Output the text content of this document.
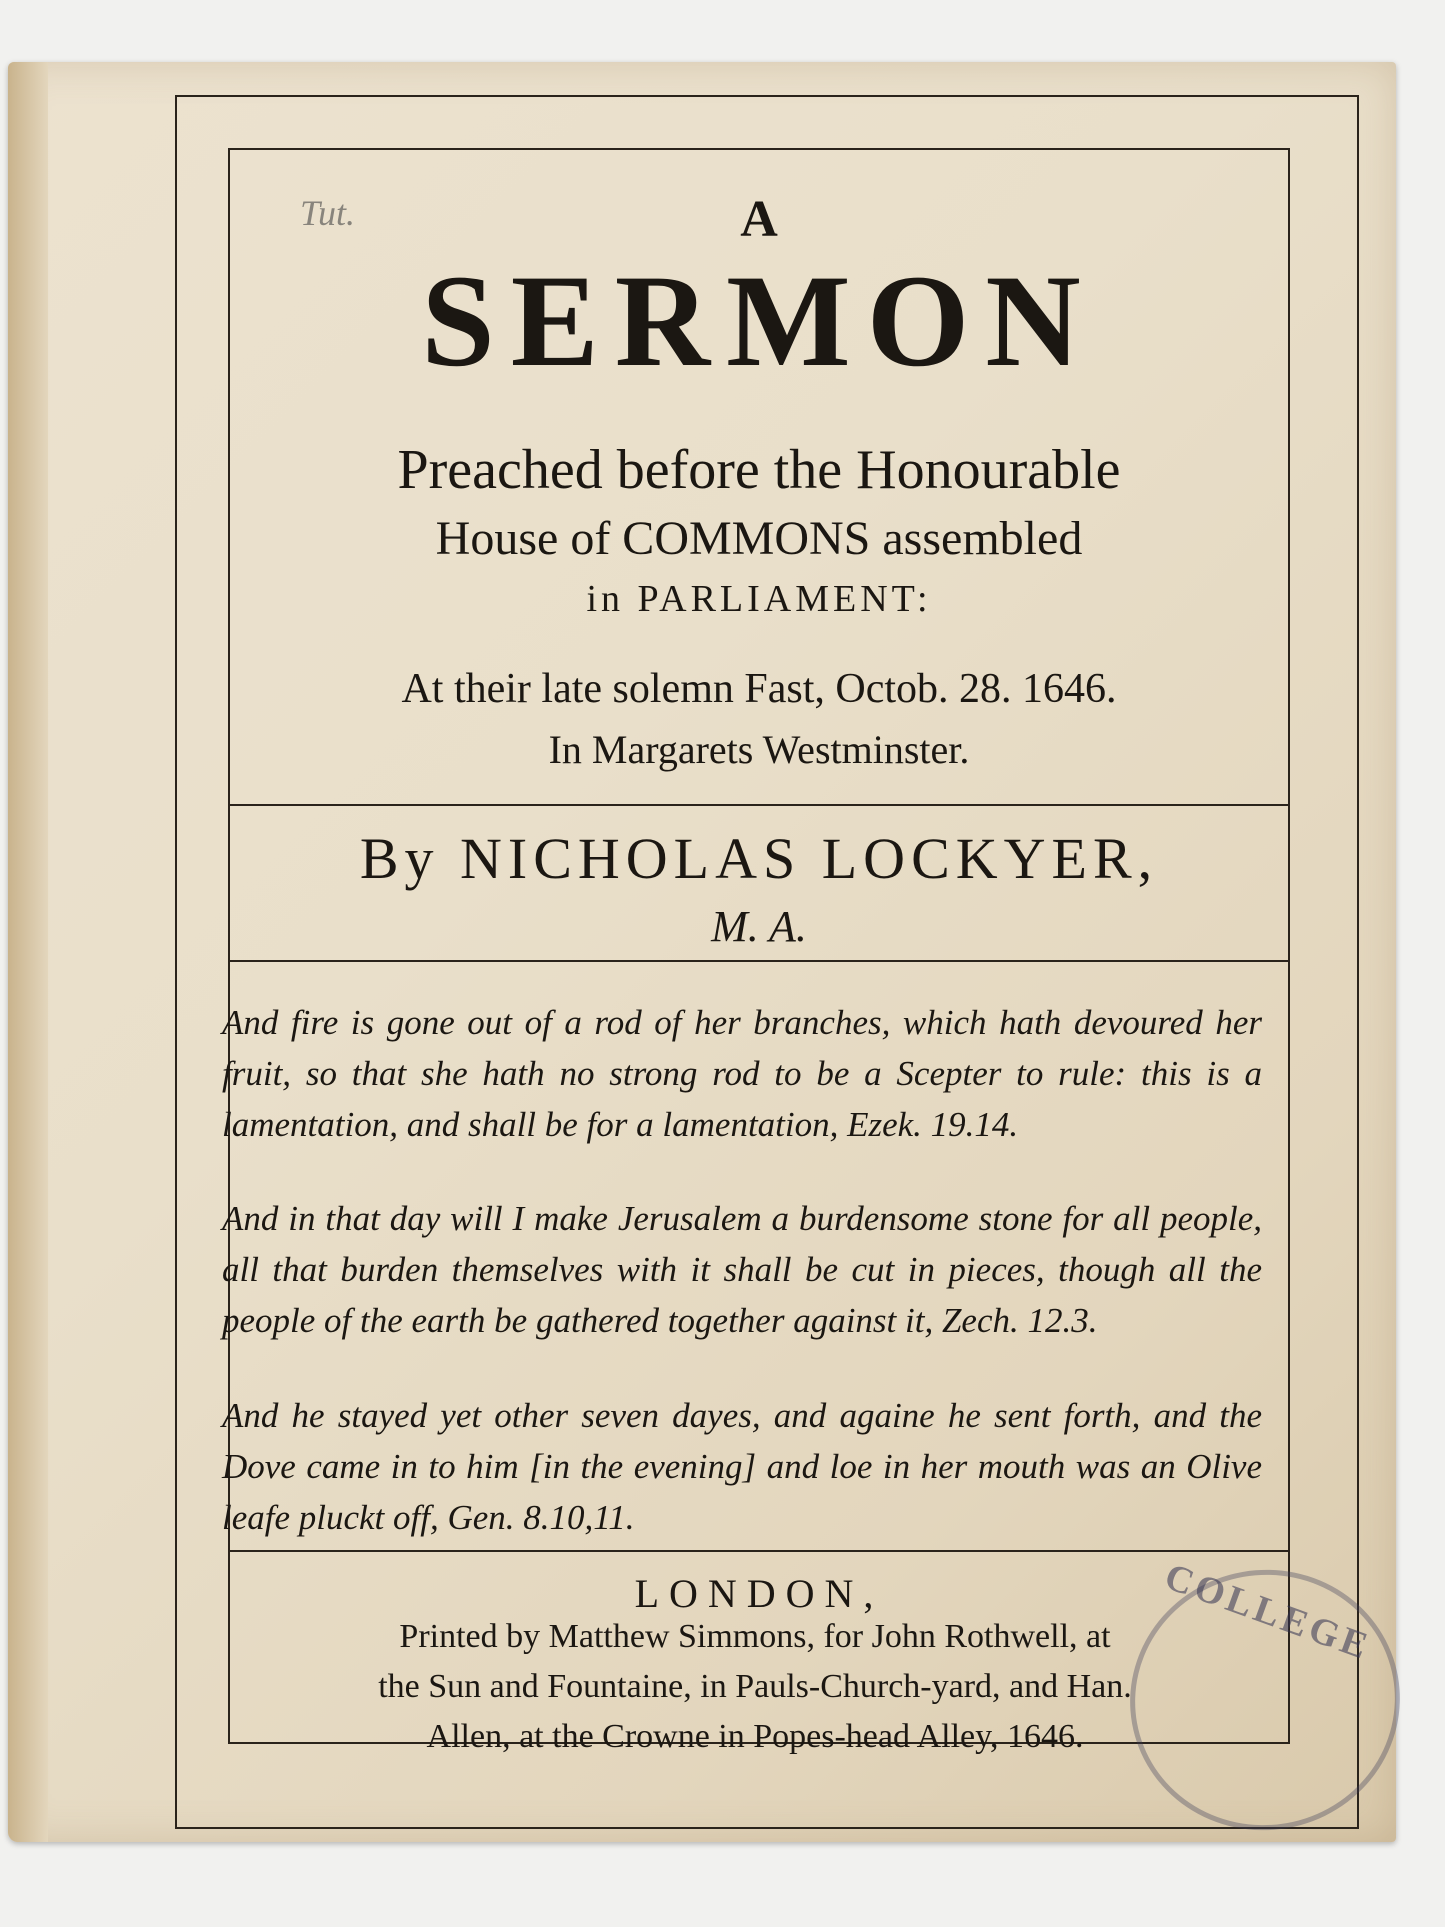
Tut.	A
SERMON
Preached before the Honourable
House of COMMONS assembled
in PARLIAMENT:
At their late solemn Fast, Octob. 28. 1646.
In Margarets Westminster.
By NICHOLAS LOCKYER,
M. A.
And fire is gone out of a rod of her branches, which hath devoured her fruit, so that she hath no strong rod to be a Scepter to rule: this is a lamentation, and shall be for a lamentation, Ezek. 19.14.
And in that day will I make Jerusalem a burdensome stone for all people, all that burden themselves with it shall be cut in pieces, though all the people of the earth be gathered together against it, Zech. 12.3.
And he stayed yet other seven dayes, and againe he sent forth, and the Dove came in to him [in the evening] and loe in her mouth was an Olive leafe pluckt off, Gen. 8.10,11.
LONDON,
Printed by Matthew Simmons, for John Rothwell, at
the Sun and Fountaine, in Pauls-Church-yard, and Han.
Allen, at the Crowne in Popes-head Alley, 1646.
COLLEGE
